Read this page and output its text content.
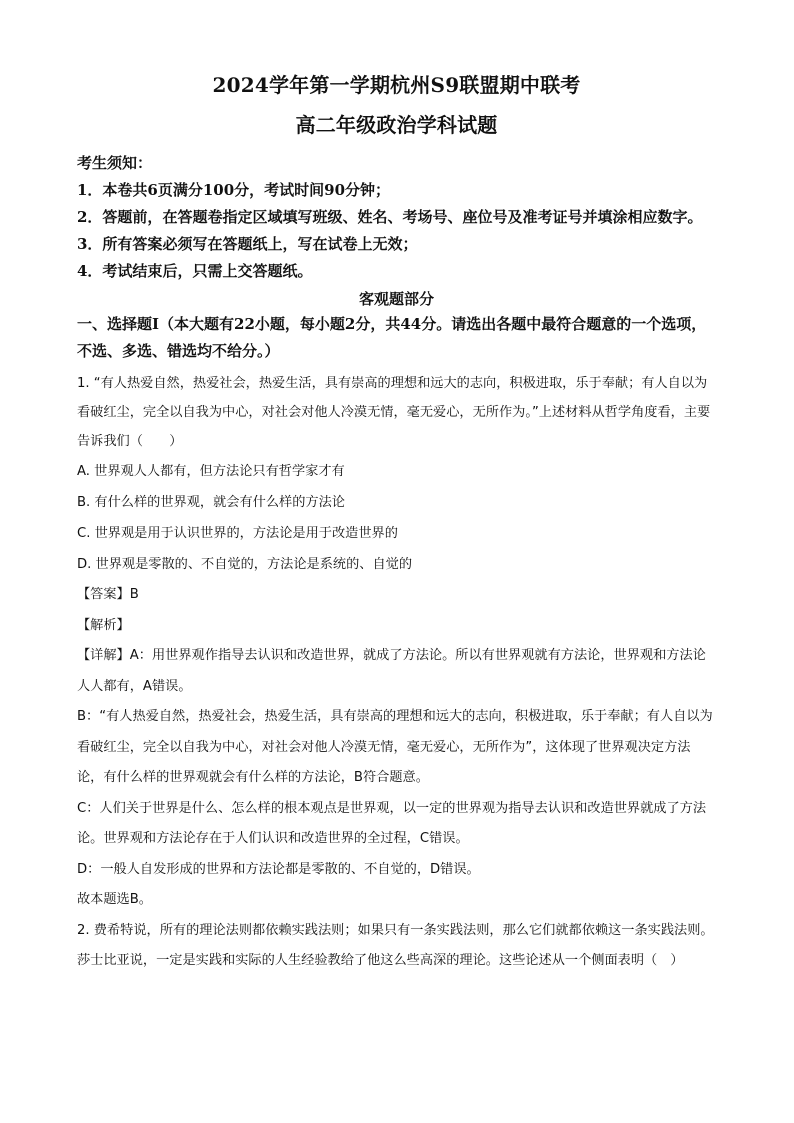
2024学年第一学期杭州S9联盟期中联考
高二年级政治学科试题
考生须知：
1．本卷共6页满分100分，考试时间90分钟；
2．答题前，在答题卷指定区域填写班级、姓名、考场号、座位号及准考证号并填涂相应数字。
3．所有答案必须写在答题纸上，写在试卷上无效；
4．考试结束后，只需上交答题纸。
客观题部分
一、选择题Ⅰ（本大题有22小题，每小题2分，共44分。请选出各题中最符合题意的一个选项，不选、多选、错选均不给分。）
1. “有人热爱自然，热爱社会，热爱生活，具有崇高的理想和远大的志向，积极进取，乐于奉献；有人自以为看破红尘，完全以自我为中心，对社会对他人冷漠无情，毫无爱心，无所作为。”上述材料从哲学角度看，主要告诉我们（　　）
A. 世界观人人都有，但方法论只有哲学家才有
B. 有什么样的世界观，就会有什么样的方法论
C. 世界观是用于认识世界的，方法论是用于改造世界的
D. 世界观是零散的、不自觉的，方法论是系统的、自觉的
【答案】B
【解析】
【详解】A：用世界观作指导去认识和改造世界，就成了方法论。所以有世界观就有方法论，世界观和方法论人人都有，A错误。
B：“有人热爱自然，热爱社会，热爱生活，具有崇高的理想和远大的志向，积极进取，乐于奉献；有人自以为看破红尘，完全以自我为中心，对社会对他人冷漠无情，毫无爱心，无所作为”，这体现了世界观决定方法论，有什么样的世界观就会有什么样的方法论，B符合题意。
C：人们关于世界是什么、怎么样的根本观点是世界观，以一定的世界观为指导去认识和改造世界就成了方法论。世界观和方法论存在于人们认识和改造世界的全过程，C错误。
D：一般人自发形成的世界和方法论都是零散的、不自觉的，D错误。
故本题选B。
2. 费希特说，所有的理论法则都依赖实践法则；如果只有一条实践法则，那么它们就都依赖这一条实践法则。莎士比亚说，一定是实践和实际的人生经验教给了他这么些高深的理论。这些论述从一个侧面表明（　）
